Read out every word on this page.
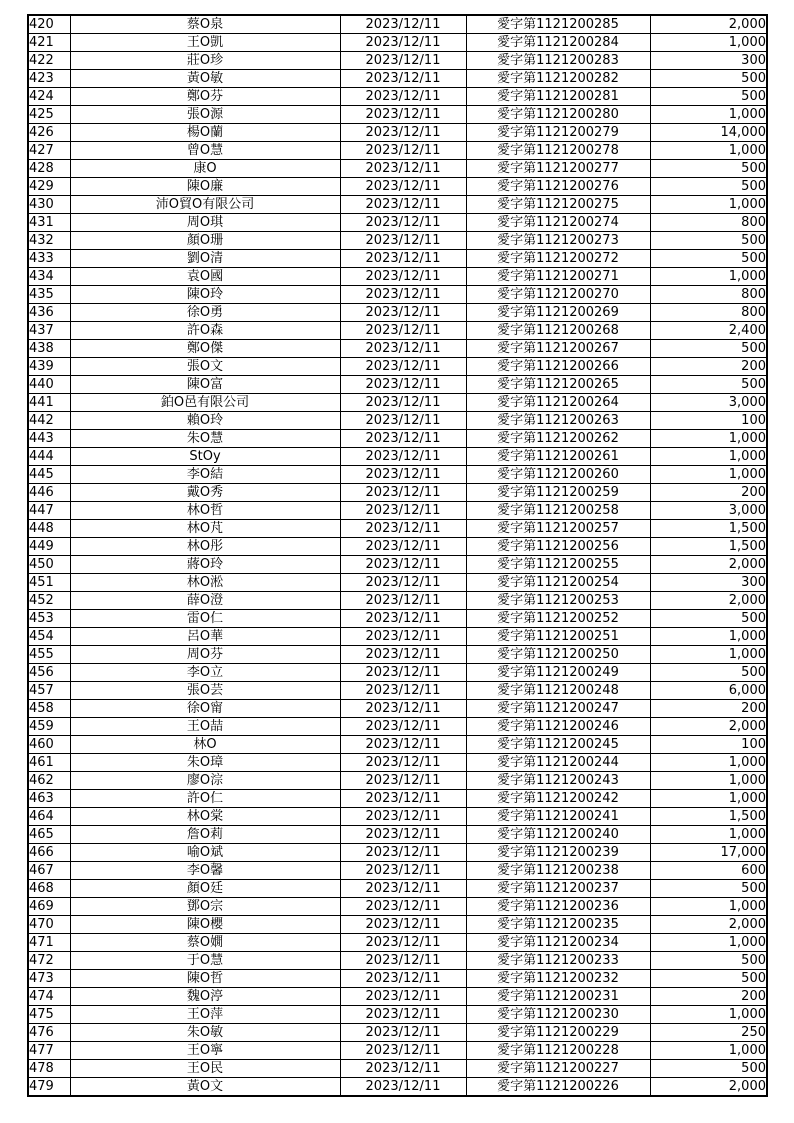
420	蔡O泉	2023/12/11	愛字第1121200285	2,000
421	王O凱	2023/12/11	愛字第1121200284	1,000
422	莊O珍	2023/12/11	愛字第1121200283	300
423	黃O敏	2023/12/11	愛字第1121200282	500
424	鄭O芬	2023/12/11	愛字第1121200281	500
425	張O源	2023/12/11	愛字第1121200280	1,000
426	楊O蘭	2023/12/11	愛字第1121200279	14,000
427	曾O慧	2023/12/11	愛字第1121200278	1,000
428	康O	2023/12/11	愛字第1121200277	500
429	陳O廉	2023/12/11	愛字第1121200276	500
430	沛O貿O有限公司	2023/12/11	愛字第1121200275	1,000
431	周O琪	2023/12/11	愛字第1121200274	800
432	顏O珊	2023/12/11	愛字第1121200273	500
433	劉O清	2023/12/11	愛字第1121200272	500
434	袁O國	2023/12/11	愛字第1121200271	1,000
435	陳O玲	2023/12/11	愛字第1121200270	800
436	徐O勇	2023/12/11	愛字第1121200269	800
437	許O森	2023/12/11	愛字第1121200268	2,400
438	鄭O傑	2023/12/11	愛字第1121200267	500
439	張O文	2023/12/11	愛字第1121200266	200
440	陳O富	2023/12/11	愛字第1121200265	500
441	鉑O邑有限公司	2023/12/11	愛字第1121200264	3,000
442	賴O玲	2023/12/11	愛字第1121200263	100
443	朱O慧	2023/12/11	愛字第1121200262	1,000
444	StOy	2023/12/11	愛字第1121200261	1,000
445	李O結	2023/12/11	愛字第1121200260	1,000
446	戴O秀	2023/12/11	愛字第1121200259	200
447	林O哲	2023/12/11	愛字第1121200258	3,000
448	林O芃	2023/12/11	愛字第1121200257	1,500
449	林O彤	2023/12/11	愛字第1121200256	1,500
450	蔣O玲	2023/12/11	愛字第1121200255	2,000
451	林O淞	2023/12/11	愛字第1121200254	300
452	薛O澄	2023/12/11	愛字第1121200253	2,000
453	雷O仁	2023/12/11	愛字第1121200252	500
454	呂O華	2023/12/11	愛字第1121200251	1,000
455	周O芬	2023/12/11	愛字第1121200250	1,000
456	李O立	2023/12/11	愛字第1121200249	500
457	張O芸	2023/12/11	愛字第1121200248	6,000
458	徐O甯	2023/12/11	愛字第1121200247	200
459	王O喆	2023/12/11	愛字第1121200246	2,000
460	林O	2023/12/11	愛字第1121200245	100
461	朱O璋	2023/12/11	愛字第1121200244	1,000
462	廖O淙	2023/12/11	愛字第1121200243	1,000
463	許O仁	2023/12/11	愛字第1121200242	1,000
464	林O棠	2023/12/11	愛字第1121200241	1,500
465	詹O莉	2023/12/11	愛字第1121200240	1,000
466	喻O斌	2023/12/11	愛字第1121200239	17,000
467	李O馨	2023/12/11	愛字第1121200238	600
468	顏O廷	2023/12/11	愛字第1121200237	500
469	鄧O宗	2023/12/11	愛字第1121200236	1,000
470	陳O櫻	2023/12/11	愛字第1121200235	2,000
471	蔡O嫺	2023/12/11	愛字第1121200234	1,000
472	于O慧	2023/12/11	愛字第1121200233	500
473	陳O哲	2023/12/11	愛字第1121200232	500
474	魏O渟	2023/12/11	愛字第1121200231	200
475	王O萍	2023/12/11	愛字第1121200230	1,000
476	朱O敏	2023/12/11	愛字第1121200229	250
477	王O寧	2023/12/11	愛字第1121200228	1,000
478	王O民	2023/12/11	愛字第1121200227	500
479	黃O文	2023/12/11	愛字第1121200226	2,000
